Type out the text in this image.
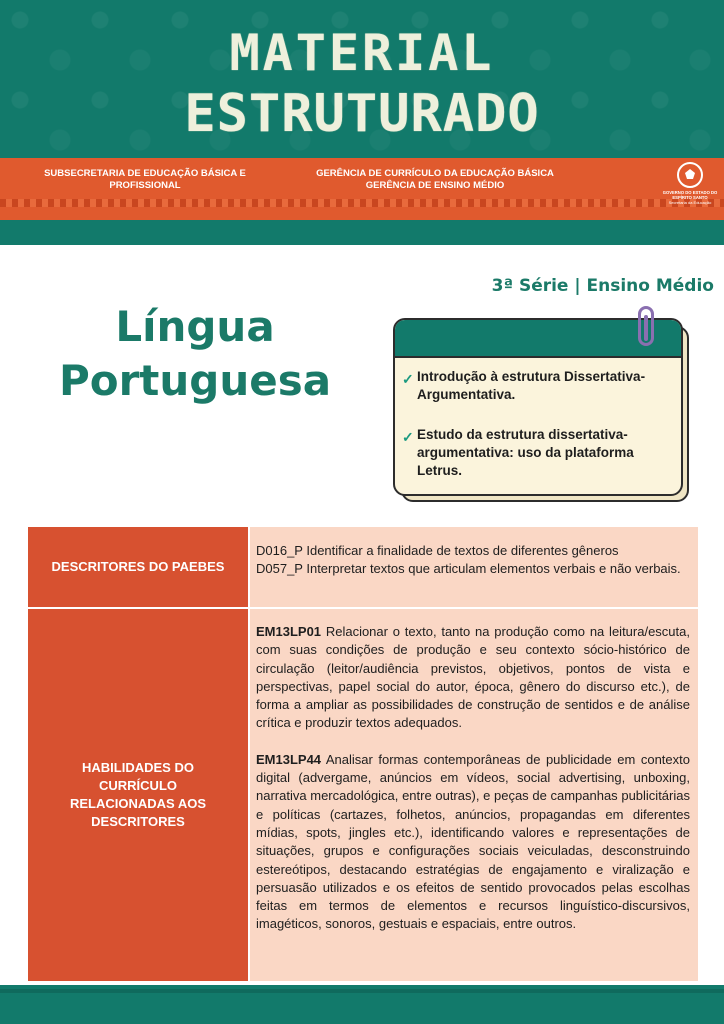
MATERIAL
ESTRUTURADO
SUBSECRETARIA DE EDUCAÇÃO BÁSICA E PROFISSIONAL
GERÊNCIA DE CURRÍCULO DA EDUCAÇÃO BÁSICA
GERÊNCIA DE ENSINO MÉDIO
GOVERNO DO ESTADO DO ESPÍRITO SANTO
Secretaria da Educação
3ª Série | Ensino Médio
Língua
Portuguesa	✓ Introdução à estrutura Dissertativa-Argumentativa.
✓ Estudo da estrutura dissertativa-argumentativa: uso da plataforma Letrus.
DESCRITORES DO PAEBES

D016_P Identificar a finalidade de textos de diferentes gêneros

D057_P Interpretar textos que articulam elementos verbais e não verbais.

HABILIDADES DO CURRÍCULO RELACIONADAS AOS DESCRITORES

EM13LP01 Relacionar o texto, tanto na produção como na leitura/escuta, com suas condições de produção e seu contexto sócio-histórico de circulação (leitor/audiência previstos, objetivos, pontos de vista e perspectivas, papel social do autor, época, gênero do discurso etc.), de forma a ampliar as possibilidades de construção de sentidos e de análise crítica e produzir textos adequados.

EM13LP44 Analisar formas contemporâneas de publicidade em contexto digital (advergame, anúncios em vídeos, social advertising, unboxing, narrativa mercadológica, entre outras), e peças de campanhas publicitárias e políticas (cartazes, folhetos, anúncios, propagandas em diferentes mídias, spots, jingles etc.), identificando valores e representações de situações, grupos e configurações sociais veiculadas, desconstruindo estereótipos, destacando estratégias de engajamento e viralização e persuasão utilizados e os efeitos de sentido provocados pelas escolhas feitas em termos de elementos e recursos linguístico-discursivos, imagéticos, sonoros, gestuais e espaciais, entre outros.
